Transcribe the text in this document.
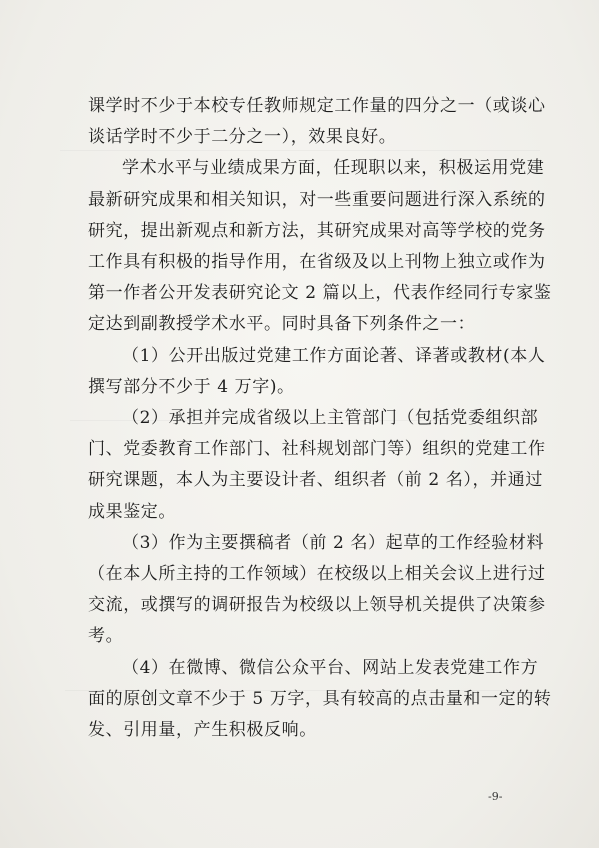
课学时不少于本校专任教师规定工作量的四分之一（或谈心
谈话学时不少于二分之一），效果良好。
学术水平与业绩成果方面，任现职以来，积极运用党建
最新研究成果和相关知识，对一些重要问题进行深入系统的
研究，提出新观点和新方法，其研究成果对高等学校的党务
工作具有积极的指导作用，在省级及以上刊物上独立或作为
第一作者公开发表研究论文 2 篇以上，代表作经同行专家鉴
定达到副教授学术水平。同时具备下列条件之一：
（1）公开出版过党建工作方面论著、译著或教材(本人
撰写部分不少于 4 万字)。
（2）承担并完成省级以上主管部门（包括党委组织部
门、党委教育工作部门、社科规划部门等）组织的党建工作
研究课题，本人为主要设计者、组织者（前 2 名），并通过
成果鉴定。
（3）作为主要撰稿者（前 2 名）起草的工作经验材料
（在本人所主持的工作领域）在校级以上相关会议上进行过
交流，或撰写的调研报告为校级以上领导机关提供了决策参
考。
（4）在微博、微信公众平台、网站上发表党建工作方
面的原创文章不少于 5 万字，具有较高的点击量和一定的转
发、引用量，产生积极反响。
-9-
